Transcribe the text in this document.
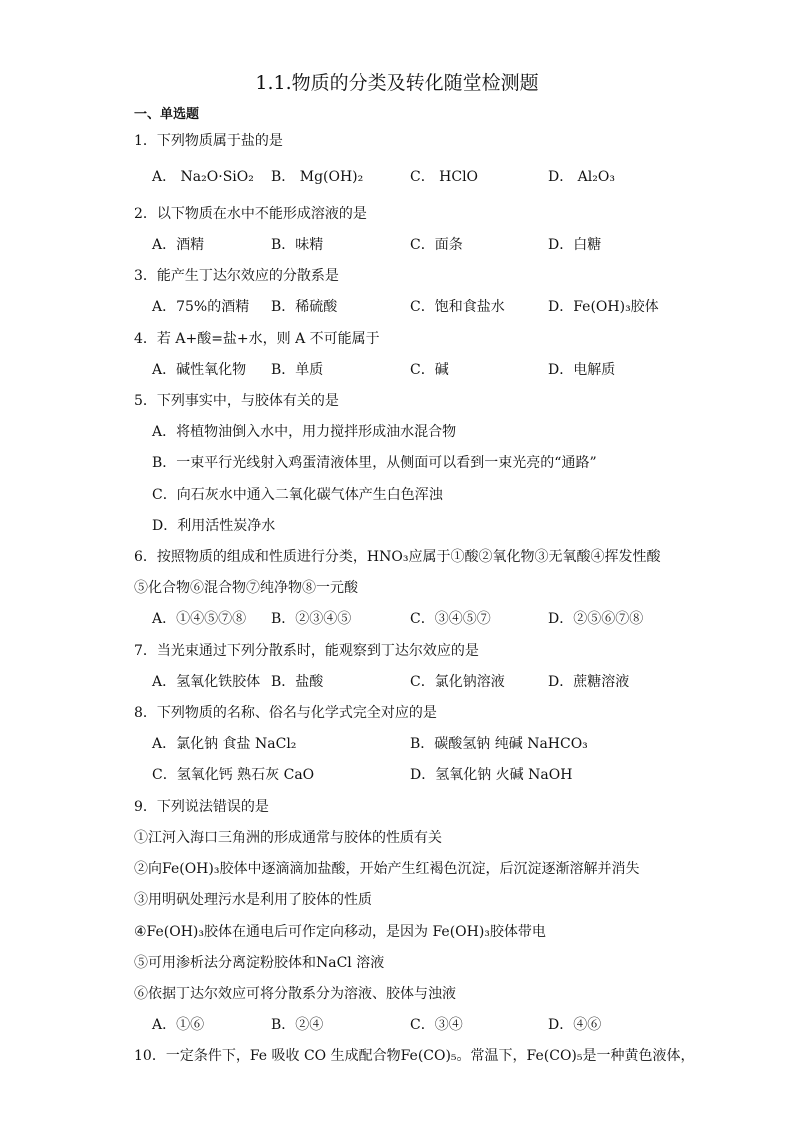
1.1.物质的分类及转化随堂检测题
一、单选题
1．下列物质属于盐的是
A． Na₂O·SiO₂ B． Mg(OH)₂	C． HClO	D． Al₂O₃
2．以下物质在水中不能形成溶液的是
A．酒精	B．味精	C．面条	D．白糖
3．能产生丁达尔效应的分散系是
A．75%的酒精 B．稀硫酸	C．饱和食盐水	D．Fe(OH)₃胶体
4．若 A+酸=盐+水，则 A 不可能属于
A．碱性氧化物 B．单质	C．碱	D．电解质
5．下列事实中，与胶体有关的是
A．将植物油倒入水中，用力搅拌形成油水混合物
B．一束平行光线射入鸡蛋清液体里，从侧面可以看到一束光亮的“通路”
C．向石灰水中通入二氧化碳气体产生白色浑浊
D．利用活性炭净水
6．按照物质的组成和性质进行分类，HNO₃应属于①酸②氧化物③无氧酸④挥发性酸
⑤化合物⑥混合物⑦纯净物⑧一元酸
A．①④⑤⑦⑧ B．②③④⑤	C．③④⑤⑦	D．②⑤⑥⑦⑧
7．当光束通过下列分散系时，能观察到丁达尔效应的是
A．氢氧化铁胶体 B．盐酸	C．氯化钠溶液	D．蔗糖溶液
8．下列物质的名称、俗名与化学式完全对应的是
A．氯化钠 食盐 NaCl₂	B．碳酸氢钠 纯碱 NaHCO₃
C．氢氧化钙 熟石灰 CaO	D．氢氧化钠 火碱 NaOH
9．下列说法错误的是
①江河入海口三角洲的形成通常与胶体的性质有关
②向Fe(OH)₃胶体中逐滴滴加盐酸，开始产生红褐色沉淀，后沉淀逐渐溶解并消失
③用明矾处理污水是利用了胶体的性质
④Fe(OH)₃胶体在通电后可作定向移动，是因为 Fe(OH)₃胶体带电
⑤可用渗析法分离淀粉胶体和NaCl 溶液
⑥依据丁达尔效应可将分散系分为溶液、胶体与浊液
A．①⑥	B．②④	C．③④	D．④⑥
10．一定条件下，Fe 吸收 CO 生成配合物Fe(CO)₅。常温下，Fe(CO)₅是一种黄色液体，
